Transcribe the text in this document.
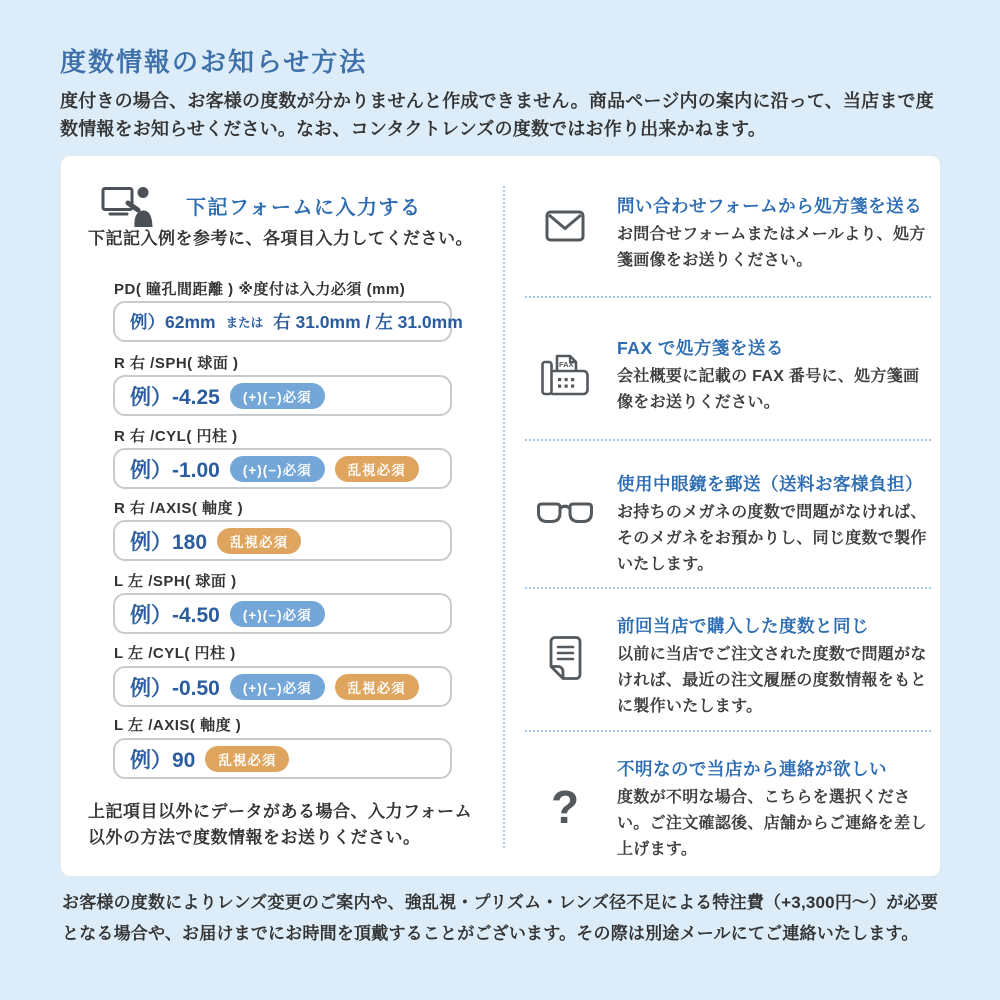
度数情報のお知らせ方法

度付きの場合、お客様の度数が分かりませんと作成できません。商品ページ内の案内に沿って、当店まで度数情報をお知らせください。なお、コンタクトレンズの度数ではお作り出来かねます。

下記フォームに入力する

下記記入例を参考に、各項目入力してください。

PD( 瞳孔間距離 ) ※度付は入力必須 (mm)
例）62mm または 右 31.0mm / 左 31.0mm
R 右 /SPH( 球面 )
例）-4.25	(+)(−)必須
R 右 /CYL( 円柱 )
例）-1.00	(+)(−)必須	乱視必須
R 右 /AXIS( 軸度 )
例）180	乱視必須
L 左 /SPH( 球面 )
例）-4.50	(+)(−)必須
L 左 /CYL( 円柱 )
例）-0.50	(+)(−)必須	乱視必須
L 左 /AXIS( 軸度 )
例）90	乱視必須

上記項目以外にデータがある場合、入力フォーム以外の方法で度数情報をお送りください。

問い合わせフォームから処方箋を送る

お問合せフォームまたはメールより、処方箋画像をお送りください。

FAX
FAX で処方箋を送る

会社概要に記載の FAX 番号に、処方箋画像をお送りください。

使用中眼鏡を郵送（送料お客様負担）

お持ちのメガネの度数で問題がなければ、そのメガネをお預かりし、同じ度数で製作いたします。

前回当店で購入した度数と同じ

以前に当店でご注文された度数で問題がなければ、最近の注文履歴の度数情報をもとに製作いたします。

?
不明なので当店から連絡が欲しい

度数が不明な場合、こちらを選択ください。ご注文確認後、店舗からご連絡を差し上げます。

お客様の度数によりレンズ変更のご案内や、強乱視・プリズム・レンズ径不足による特注費（+3,300円～）が必要となる場合や、お届けまでにお時間を頂戴することがございます。その際は別途メールにてご連絡いたします。
